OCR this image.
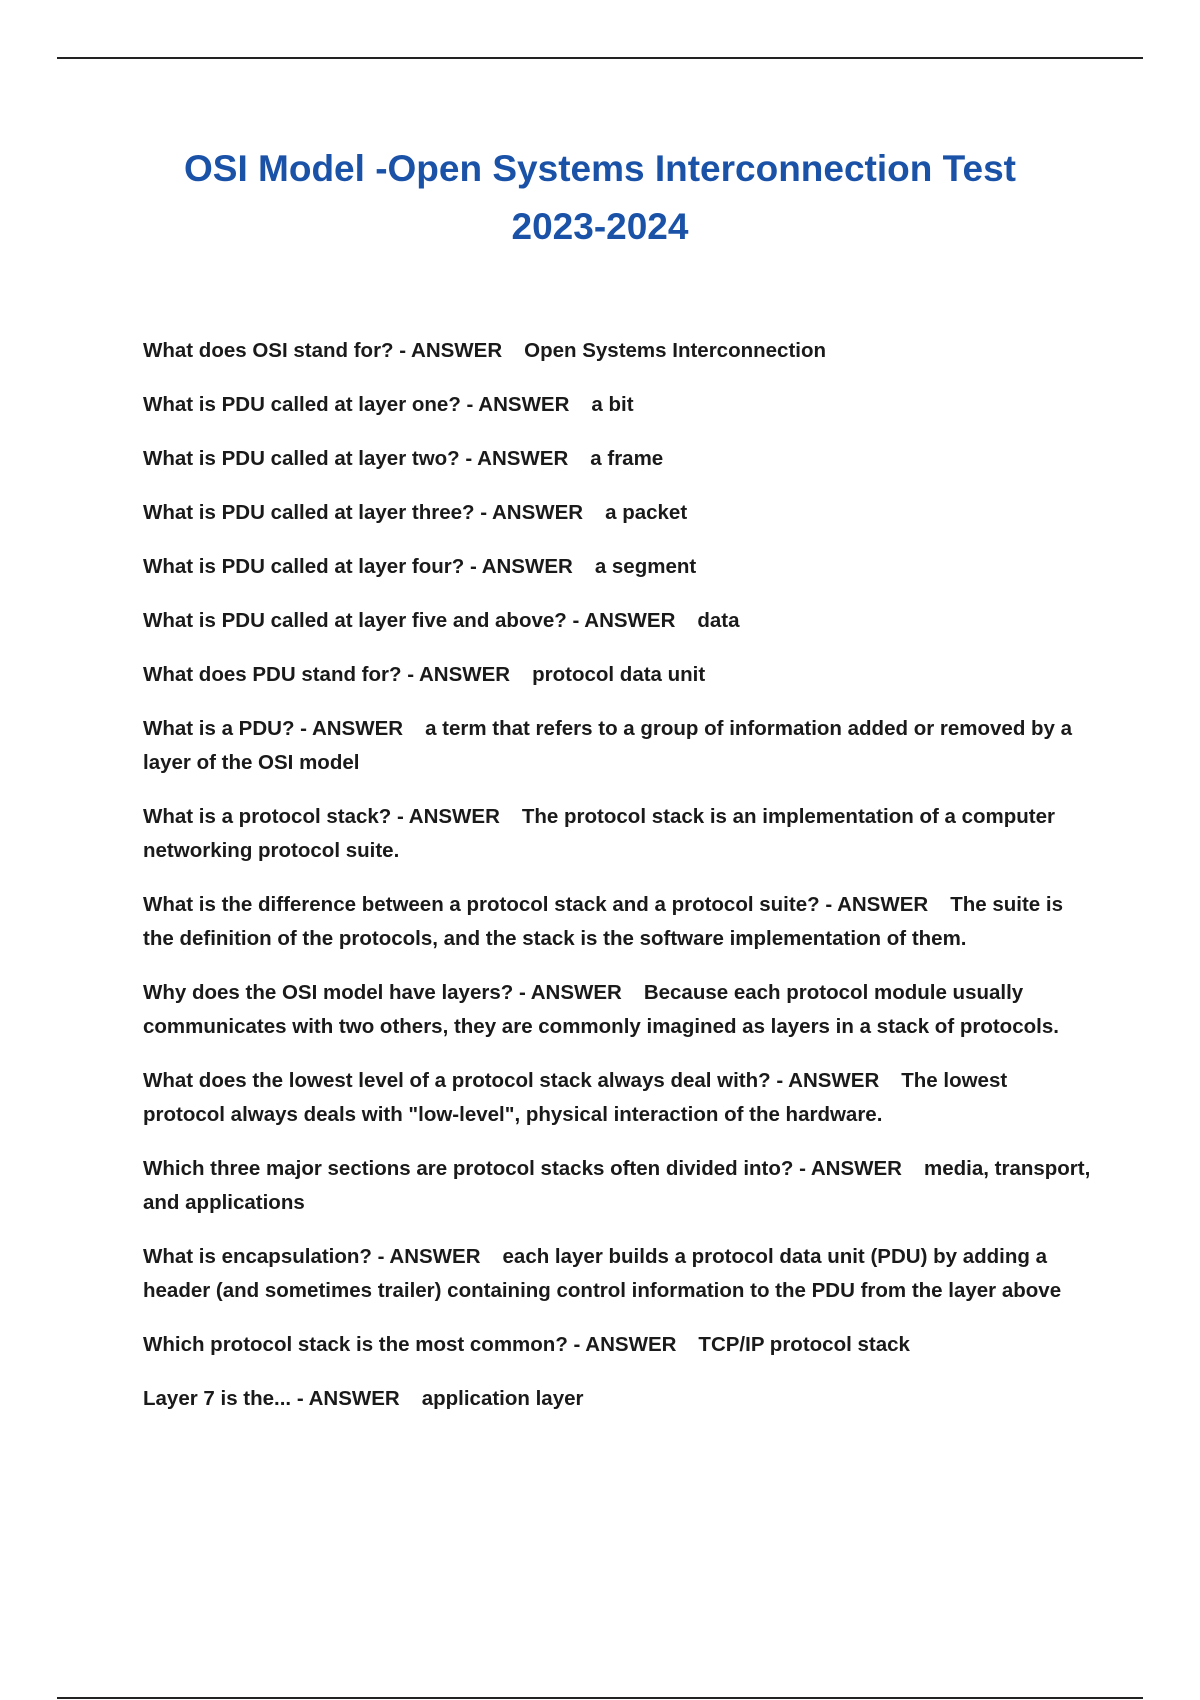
OSI Model -Open Systems Interconnection Test
2023-2024
What does OSI stand for? - ANSWER Open Systems Interconnection
What is PDU called at layer one? - ANSWER a bit
What is PDU called at layer two? - ANSWER a frame
What is PDU called at layer three? - ANSWER a packet
What is PDU called at layer four? - ANSWER a segment
What is PDU called at layer five and above? - ANSWER data
What does PDU stand for? - ANSWER protocol data unit
What is a PDU? - ANSWER a term that refers to a group of information added or removed by a layer of the OSI model
What is a protocol stack? - ANSWER The protocol stack is an implementation of a computer networking protocol suite.
What is the difference between a protocol stack and a protocol suite? - ANSWER The suite is the definition of the protocols, and the stack is the software implementation of them.
Why does the OSI model have layers? - ANSWER Because each protocol module usually communicates with two others, they are commonly imagined as layers in a stack of protocols.
What does the lowest level of a protocol stack always deal with? - ANSWER The lowest protocol always deals with "low-level", physical interaction of the hardware.
Which three major sections are protocol stacks often divided into? - ANSWER media, transport, and applications
What is encapsulation? - ANSWER each layer builds a protocol data unit (PDU) by adding a header (and sometimes trailer) containing control information to the PDU from the layer above
Which protocol stack is the most common? - ANSWER TCP/IP protocol stack
Layer 7 is the... - ANSWER application layer
